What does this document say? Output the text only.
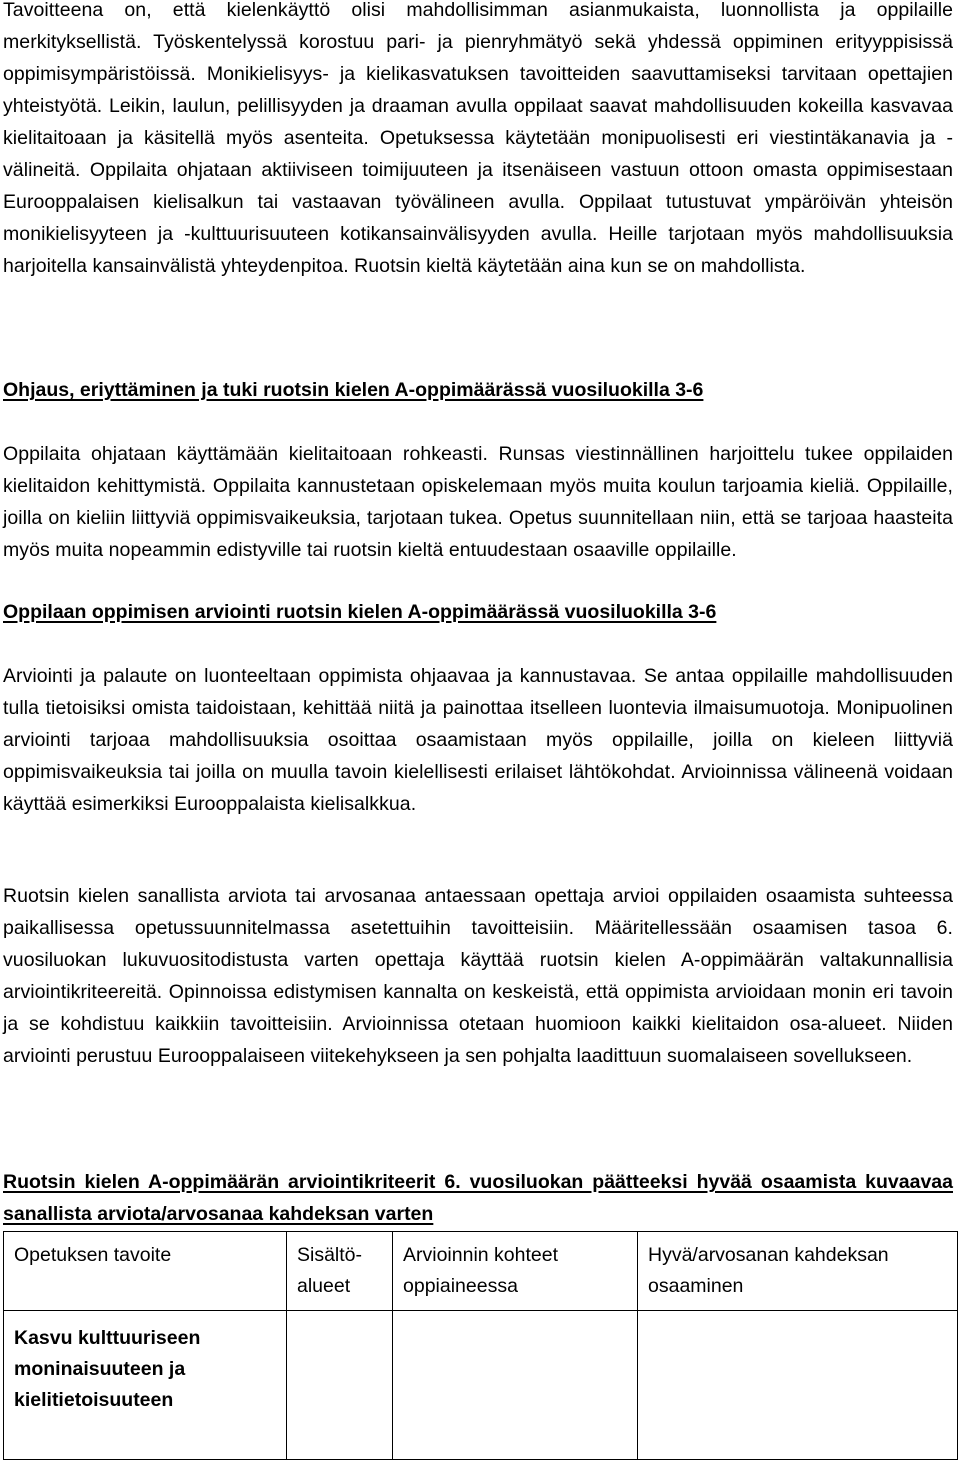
Tavoitteena on, että kielenkäyttö olisi mahdollisimman asianmukaista, luonnollista ja oppilaille merkityksellistä. Työskentelyssä korostuu pari- ja pienryhmätyö sekä yhdessä oppiminen erityyppisissä oppimisympäristöissä. Monikielisyys- ja kielikasvatuksen tavoitteiden saavuttamiseksi tarvitaan opettajien yhteistyötä. Leikin, laulun, pelillisyyden ja draaman avulla oppilaat saavat mahdollisuuden kokeilla kasvavaa kielitaitoaan ja käsitellä myös asenteita. Opetuksessa käytetään monipuolisesti eri viestintäkanavia ja -välineitä. Oppilaita ohjataan aktiiviseen toimijuuteen ja itsenäiseen vastuun ottoon omasta oppimisestaan Eurooppalaisen kielisalkun tai vastaavan työvälineen avulla. Oppilaat tutustuvat ympäröivän yhteisön monikielisyyteen ja -kulttuurisuuteen kotikansainvälisyyden avulla. Heille tarjotaan myös mahdollisuuksia harjoitella kansainvälistä yhteydenpitoa. Ruotsin kieltä käytetään aina kun se on mahdollista.

Ohjaus, eriyttäminen ja tuki ruotsin kielen A-oppimäärässä vuosiluokilla 3-6

Oppilaita ohjataan käyttämään kielitaitoaan rohkeasti. Runsas viestinnällinen harjoittelu tukee oppilaiden kielitaidon kehittymistä. Oppilaita kannustetaan opiskelemaan myös muita koulun tarjoamia kieliä. Oppilaille, joilla on kieliin liittyviä oppimisvaikeuksia, tarjotaan tukea. Opetus suunnitellaan niin, että se tarjoaa haasteita myös muita nopeammin edistyville tai ruotsin kieltä entuudestaan osaaville oppilaille.

Oppilaan oppimisen arviointi ruotsin kielen A-oppimäärässä vuosiluokilla 3-6

Arviointi ja palaute on luonteeltaan oppimista ohjaavaa ja kannustavaa. Se antaa oppilaille mahdollisuuden tulla tietoisiksi omista taidoistaan, kehittää niitä ja painottaa itselleen luontevia ilmaisumuotoja. Monipuolinen arviointi tarjoaa mahdollisuuksia osoittaa osaamistaan myös oppilaille, joilla on kieleen liittyviä oppimisvaikeuksia tai joilla on muulla tavoin kielellisesti erilaiset lähtökohdat. Arvioinnissa välineenä voidaan käyttää esimerkiksi Eurooppalaista kielisalkkua.

Ruotsin kielen sanallista arviota tai arvosanaa antaessaan opettaja arvioi oppilaiden osaamista suhteessa paikallisessa opetussuunnitelmassa asetettuihin tavoitteisiin. Määritellessään osaamisen tasoa 6. vuosiluokan lukuvuositodistusta varten opettaja käyttää ruotsin kielen A-oppimäärän valtakunnallisia arviointikriteereitä. Opinnoissa edistymisen kannalta on keskeistä, että oppimista arvioidaan monin eri tavoin ja se kohdistuu kaikkiin tavoitteisiin. Arvioinnissa otetaan huomioon kaikki kielitaidon osa-alueet. Niiden arviointi perustuu Eurooppalaiseen viitekehykseen ja sen pohjalta laadittuun suomalaiseen sovellukseen.

Ruotsin kielen A-oppimäärän arviointikriteerit 6. vuosiluokan päätteeksi hyvää osaamista kuvaavaa sanallista arviota/arvosanaa kahdeksan varten
Opetuksen tavoite	Sisältö-alueet	Arvioinnin kohteet oppiaineessa	Hyvä/arvosanan kahdeksan osaaminen
Kasvu kulttuuriseen moninaisuuteen ja kielitietoisuuteen			
